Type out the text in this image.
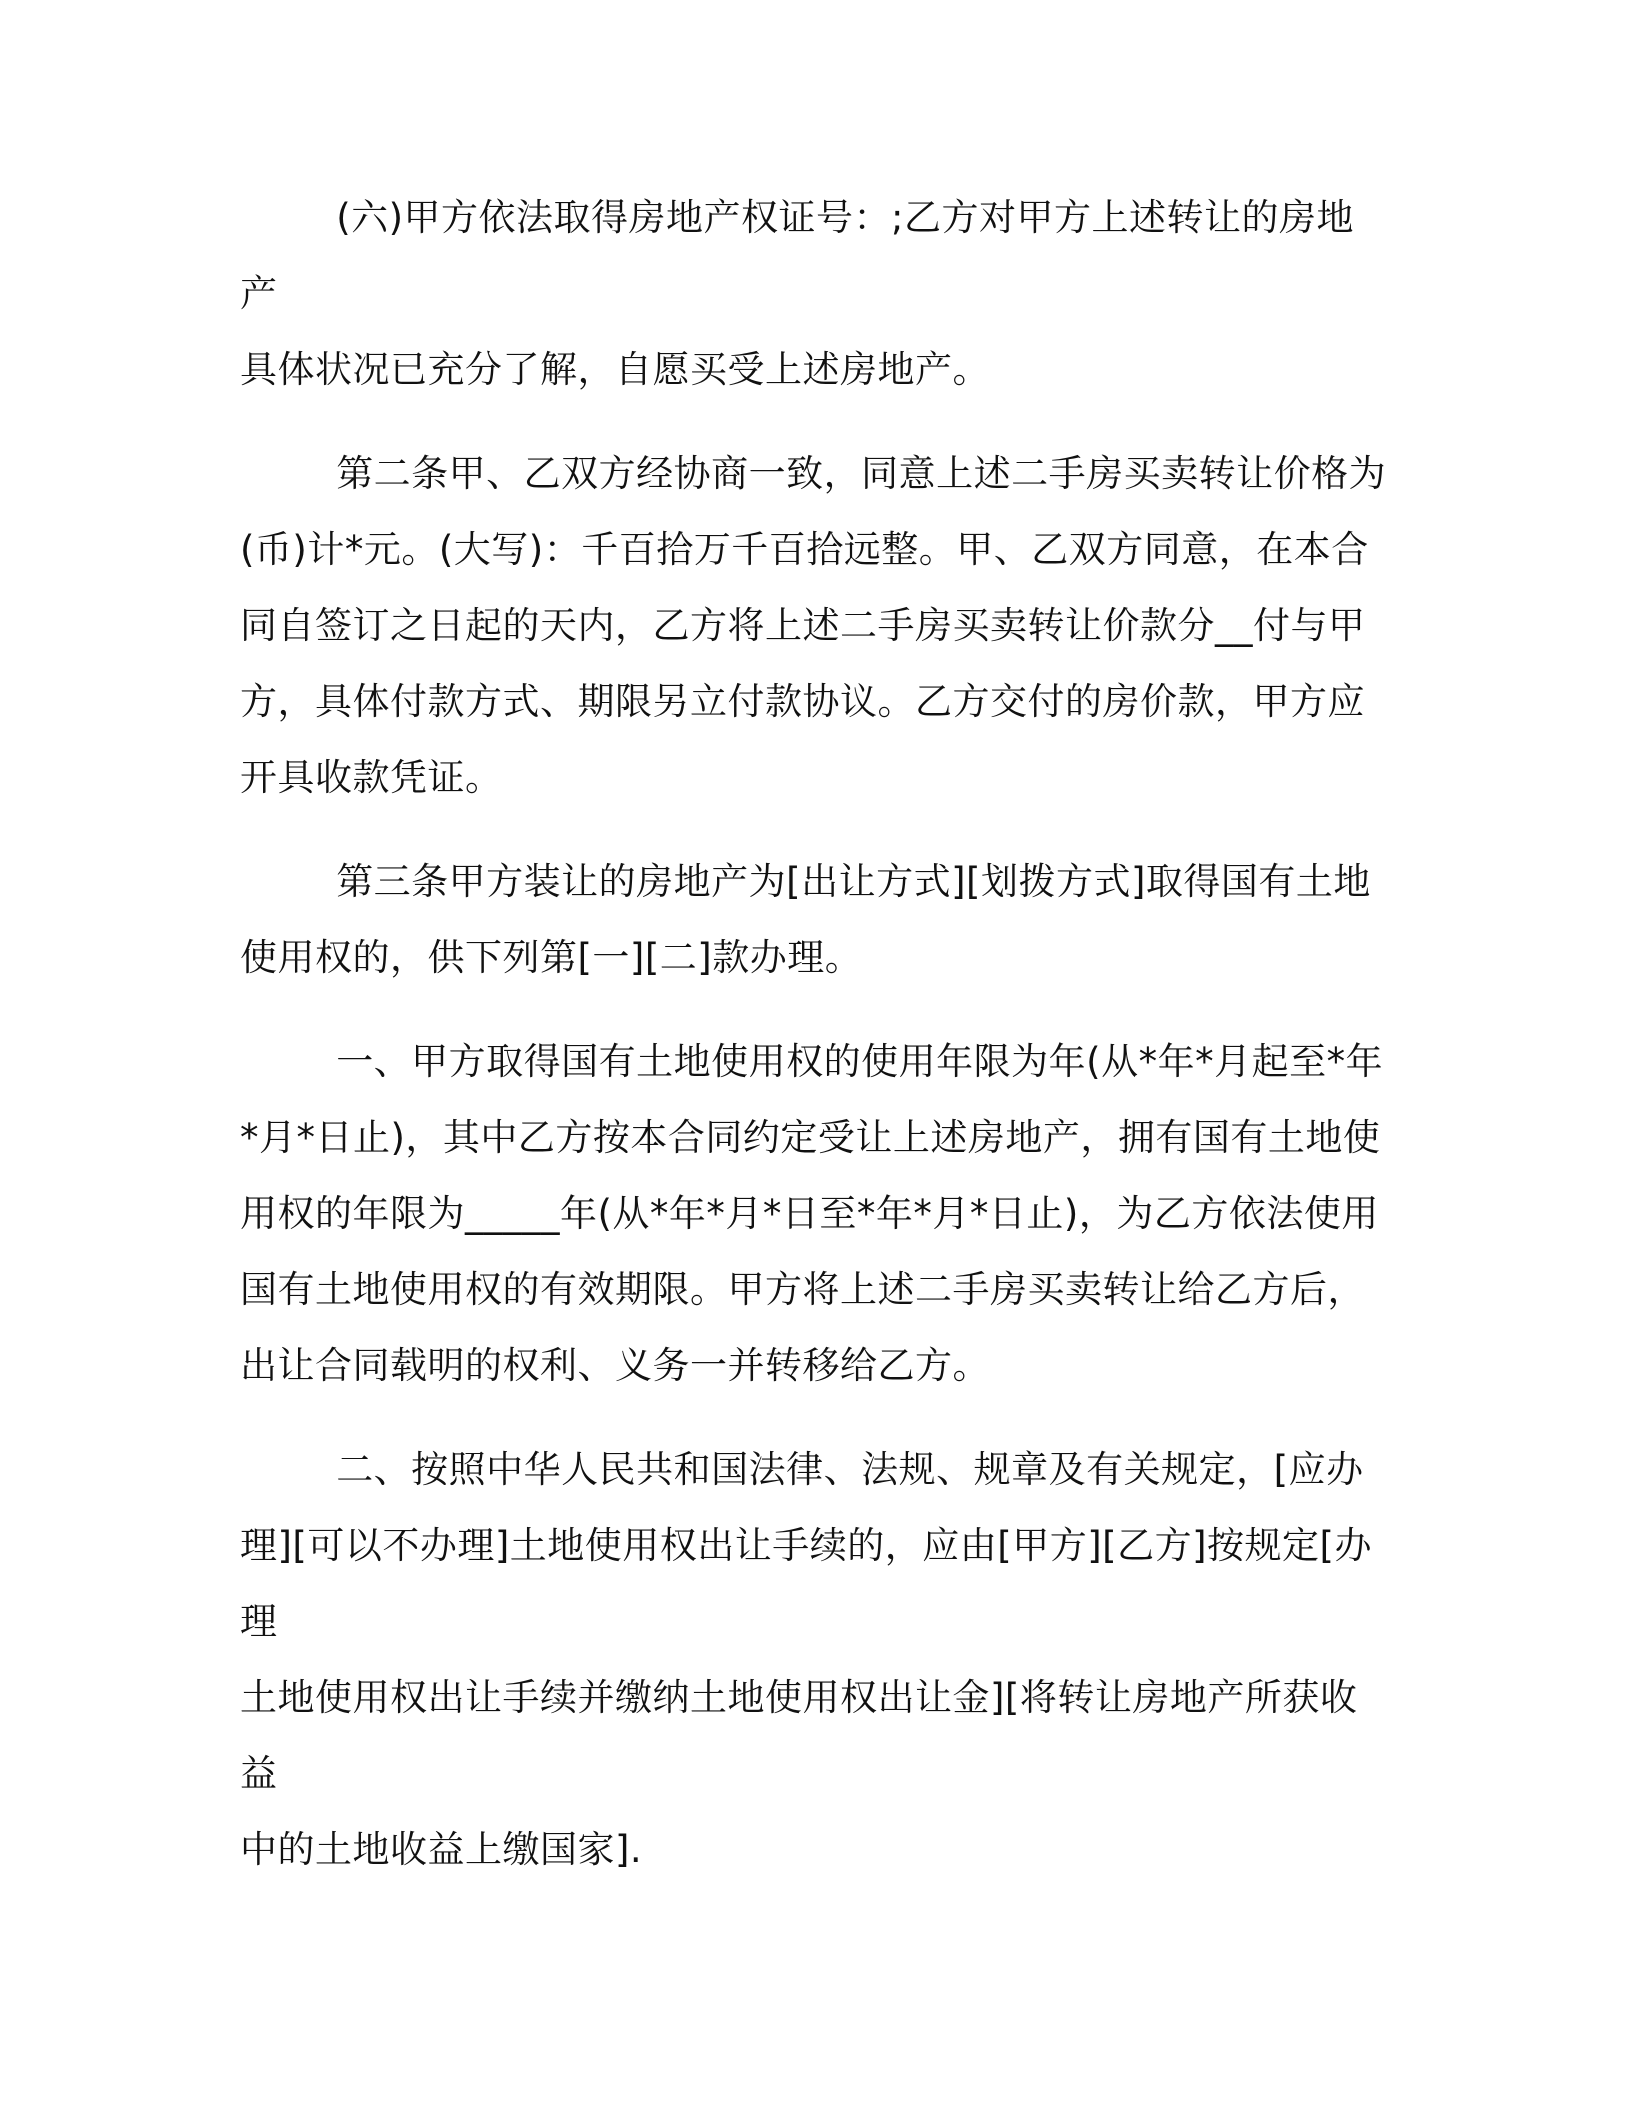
(六)甲方依法取得房地产权证号：;乙方对甲方上述转让的房地产
具体状况已充分了解，自愿买受上述房地产。

第二条甲、乙双方经协商一致，同意上述二手房买卖转让价格为
(币)计*元。(大写)：千百拾万千百拾远整。甲、乙双方同意，在本合
同自签订之日起的天内，乙方将上述二手房买卖转让价款分__付与甲
方，具体付款方式、期限另立付款协议。乙方交付的房价款，甲方应
开具收款凭证。

第三条甲方装让的房地产为[出让方式][划拨方式]取得国有土地
使用权的，供下列第[一][二]款办理。

一、甲方取得国有土地使用权的使用年限为年(从*年*月起至*年
*月*日止)，其中乙方按本合同约定受让上述房地产，拥有国有土地使
用权的年限为_____年(从*年*月*日至*年*月*日止)，为乙方依法使用
国有土地使用权的有效期限。甲方将上述二手房买卖转让给乙方后，
出让合同载明的权利、义务一并转移给乙方。

二、按照中华人民共和国法律、法规、规章及有关规定，[应办
理][可以不办理]土地使用权出让手续的，应由[甲方][乙方]按规定[办理
土地使用权出让手续并缴纳土地使用权出让金][将转让房地产所获收益
中的土地收益上缴国家].
